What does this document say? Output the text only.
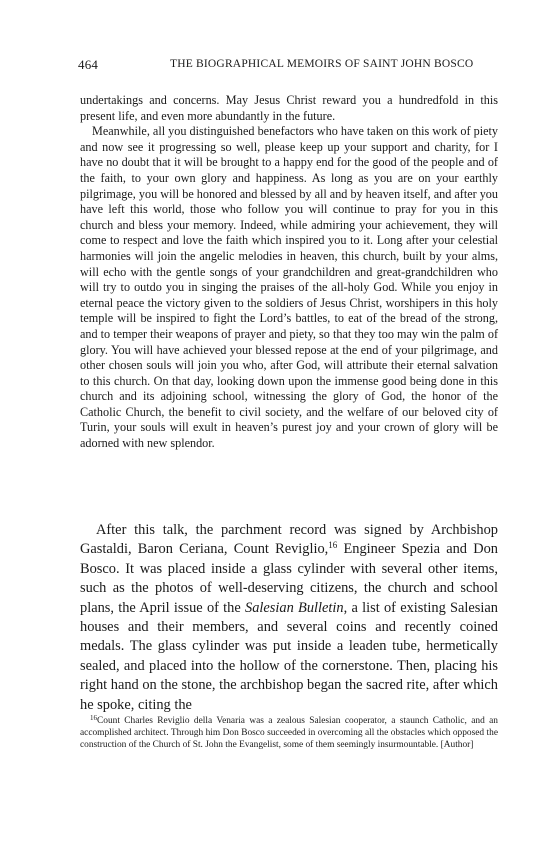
464	THE BIOGRAPHICAL MEMOIRS OF SAINT JOHN BOSCO

undertakings and concerns. May Jesus Christ reward you a hundredfold in this present life, and even more abundantly in the future.

Meanwhile, all you distinguished benefactors who have taken on this work of piety and now see it progressing so well, please keep up your support and charity, for I have no doubt that it will be brought to a happy end for the good of the people and of the faith, to your own glory and happiness. As long as you are on your earthly pilgrimage, you will be honored and blessed by all and by heaven itself, and after you have left this world, those who follow you will continue to pray for you in this church and bless your memory. Indeed, while admiring your achievement, they will come to respect and love the faith which inspired you to it. Long after your celestial harmonies will join the angelic melodies in heaven, this church, built by your alms, will echo with the gentle songs of your grandchildren and great-grandchildren who will try to outdo you in singing the praises of the all-holy God. While you enjoy in eternal peace the victory given to the soldiers of Jesus Christ, worshipers in this holy temple will be inspired to fight the Lord’s battles, to eat of the bread of the strong, and to temper their weapons of prayer and piety, so that they too may win the palm of glory. You will have achieved your blessed repose at the end of your pilgrimage, and other chosen souls will join you who, after God, will attribute their eternal salvation to this church. On that day, looking down upon the immense good being done in this church and its adjoining school, witnessing the glory of God, the honor of the Catholic Church, the benefit to civil society, and the welfare of our beloved city of Turin, your souls will exult in heaven’s purest joy and your crown of glory will be adorned with new splendor.

After this talk, the parchment record was signed by Archbishop Gastaldi, Baron Ceriana, Count Reviglio,$^{16}$ Engineer Spezia and Don Bosco. It was placed inside a glass cylinder with several other items, such as the photos of well-deserving citizens, the church and school plans, the April issue of the Salesian Bulletin, a list of existing Salesian houses and their members, and several coins and recently coined medals. The glass cylinder was put inside a leaden tube, hermetically sealed, and placed into the hollow of the cornerstone. Then, placing his right hand on the stone, the archbishop began the sacred rite, after which he spoke, citing the

$^{16}$Count Charles Reviglio della Venaria was a zealous Salesian cooperator, a staunch Catholic, and an accomplished architect. Through him Don Bosco succeeded in overcoming all the obstacles which opposed the construction of the Church of St. John the Evangelist, some of them seemingly insurmountable. [Author]
